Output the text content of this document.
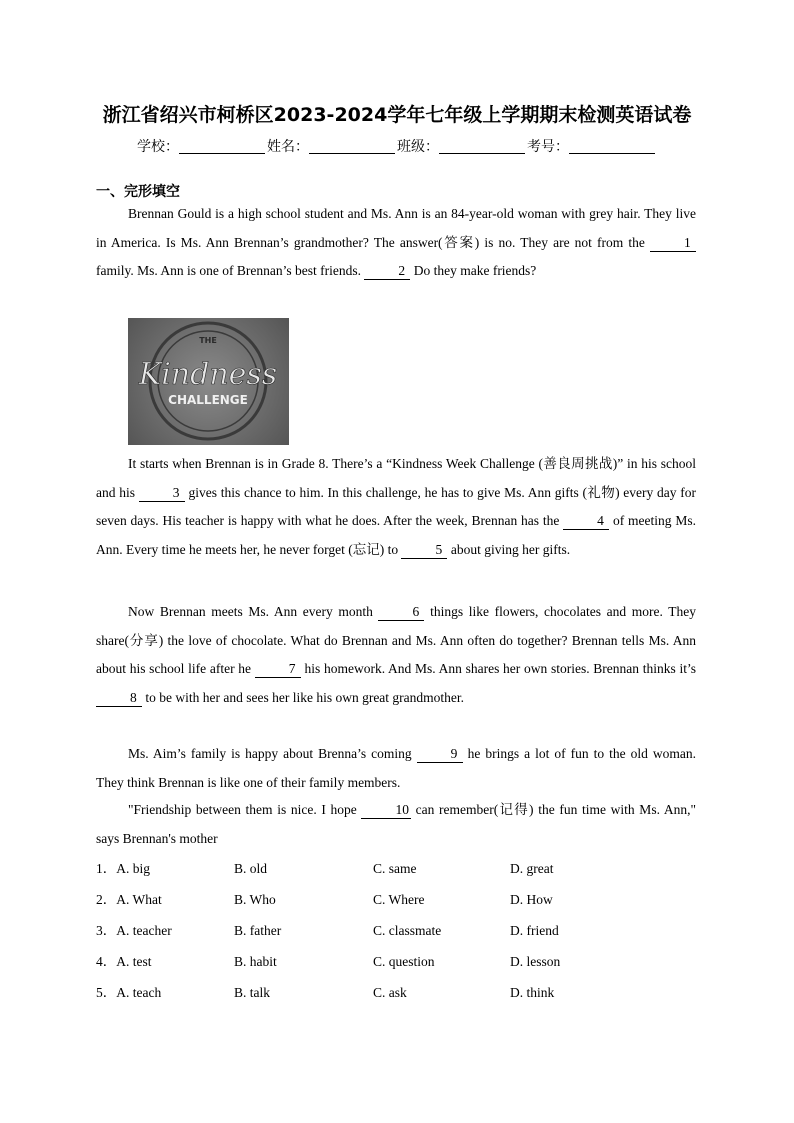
浙江省绍兴市柯桥区2023-2024学年七年级上学期期末检测英语试卷
学校：	姓名：	班级：	考号：
一、完形填空
Brennan Gould is a high school student and Ms. Ann is an 84-year-old woman with grey hair. They live in America. Is Ms. Ann Brennan’s grandmother? The answer(答案) is no. They are not from the	1 family. Ms. Ann is one of Brennan’s best friends.	2 Do they make friends?
THE
Kindness
CHALLENGE
It starts when Brennan is in Grade 8. There’s a “Kindness Week Challenge (善良周挑战)” in his school and his	3 gives this chance to him. In this challenge, he has to give Ms. Ann gifts (礼物) every day for seven days. His teacher is happy with what he does. After the week, Brennan has the	4 of meeting Ms. Ann. Every time he meets her, he never forget (忘记) to	5 about giving her gifts.
Now Brennan meets Ms. Ann every month	6 things like flowers, chocolates and more. They share(分享) the love of chocolate. What do Brennan and Ms. Ann often do together? Brennan tells Ms. Ann about his school life after he	7 his homework. And Ms. Ann shares her own stories. Brennan thinks it’s 8 to be with her and sees her like his own great grandmother.
Ms. Aim’s family is happy about Brenna’s coming	9 he brings a lot of fun to the old woman. They think Brennan is like one of their family members.
"Friendship between them is nice. I hope	10 can remember(记得) the fun time with Ms. Ann," says Brennan's mother
1．A. big	B. old	C. same	D. great
2．A. What	B. Who	C. Where	D. How
3．A. teacher	B. father	C. classmate	D. friend
4．A. test	B. habit	C. question	D. lesson
5．A. teach	B. talk	C. ask	D. think
